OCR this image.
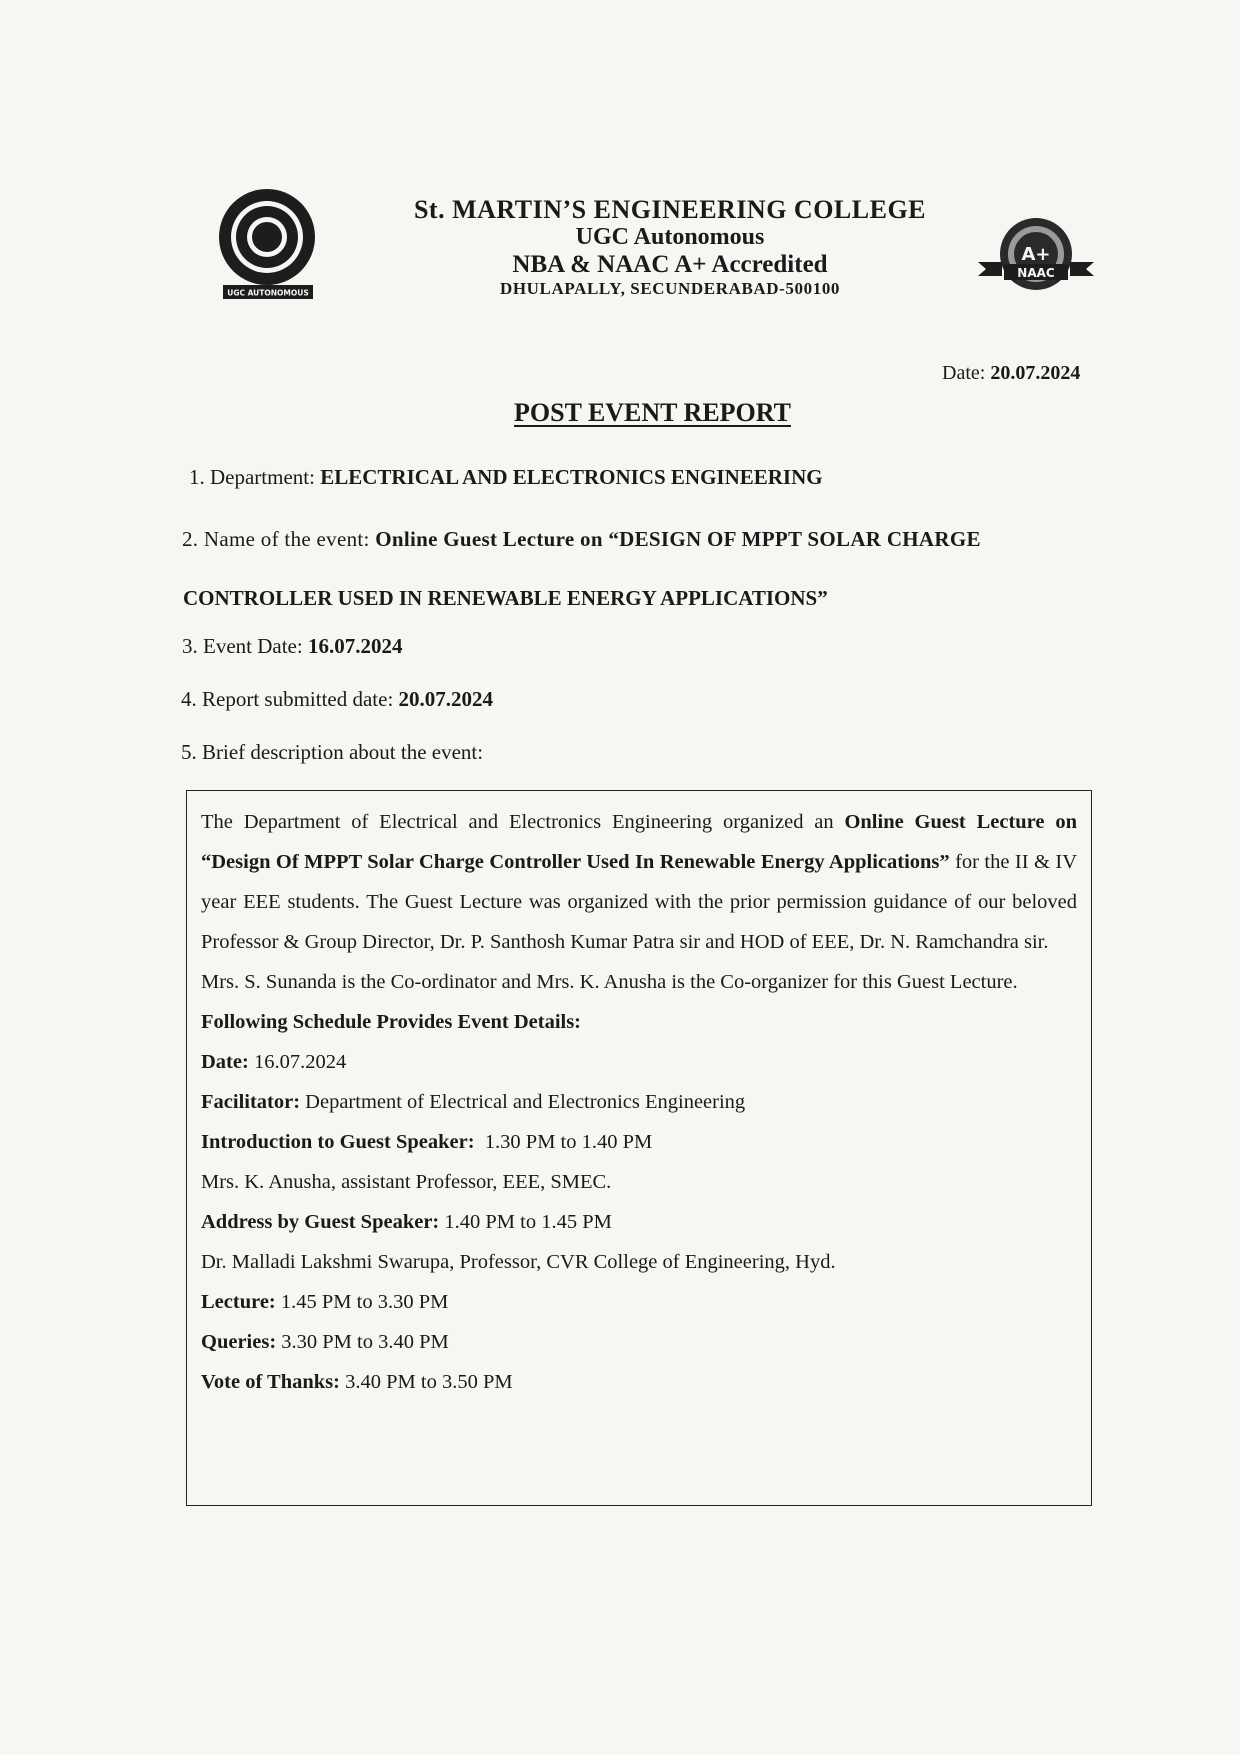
UGC AUTONOMOUS
St. MARTIN’S ENGINEERING COLLEGE
UGC Autonomous
NBA & NAAC A+ Accredited
DHULAPALLY, SECUNDERABAD-500100
A+
NAAC
Date: 20.07.2024
POST EVENT REPORT
1. Department: ELECTRICAL AND ELECTRONICS ENGINEERING
2. Name of the event: Online Guest Lecture on “DESIGN OF MPPT SOLAR CHARGE
CONTROLLER USED IN RENEWABLE ENERGY APPLICATIONS”
3. Event Date: 16.07.2024
4. Report submitted date: 20.07.2024
5. Brief description about the event:

The Department of Electrical and Electronics Engineering organized an Online Guest Lecture on “Design Of MPPT Solar Charge Controller Used In Renewable Energy Applications” for the II & IV year EEE students. The Guest Lecture was organized with the prior permission guidance of our beloved Professor & Group Director, Dr. P. Santhosh Kumar Patra sir and HOD of EEE, Dr. N. Ramchandra sir.

Mrs. S. Sunanda is the Co-ordinator and Mrs. K. Anusha is the Co-organizer for this Guest Lecture.

Following Schedule Provides Event Details:

Date: 16.07.2024

Facilitator: Department of Electrical and Electronics Engineering

Introduction to Guest Speaker: 1.30 PM to 1.40 PM

Mrs. K. Anusha, assistant Professor, EEE, SMEC.

Address by Guest Speaker: 1.40 PM to 1.45 PM

Dr. Malladi Lakshmi Swarupa, Professor, CVR College of Engineering, Hyd.

Lecture: 1.45 PM to 3.30 PM

Queries: 3.30 PM to 3.40 PM

Vote of Thanks: 3.40 PM to 3.50 PM
